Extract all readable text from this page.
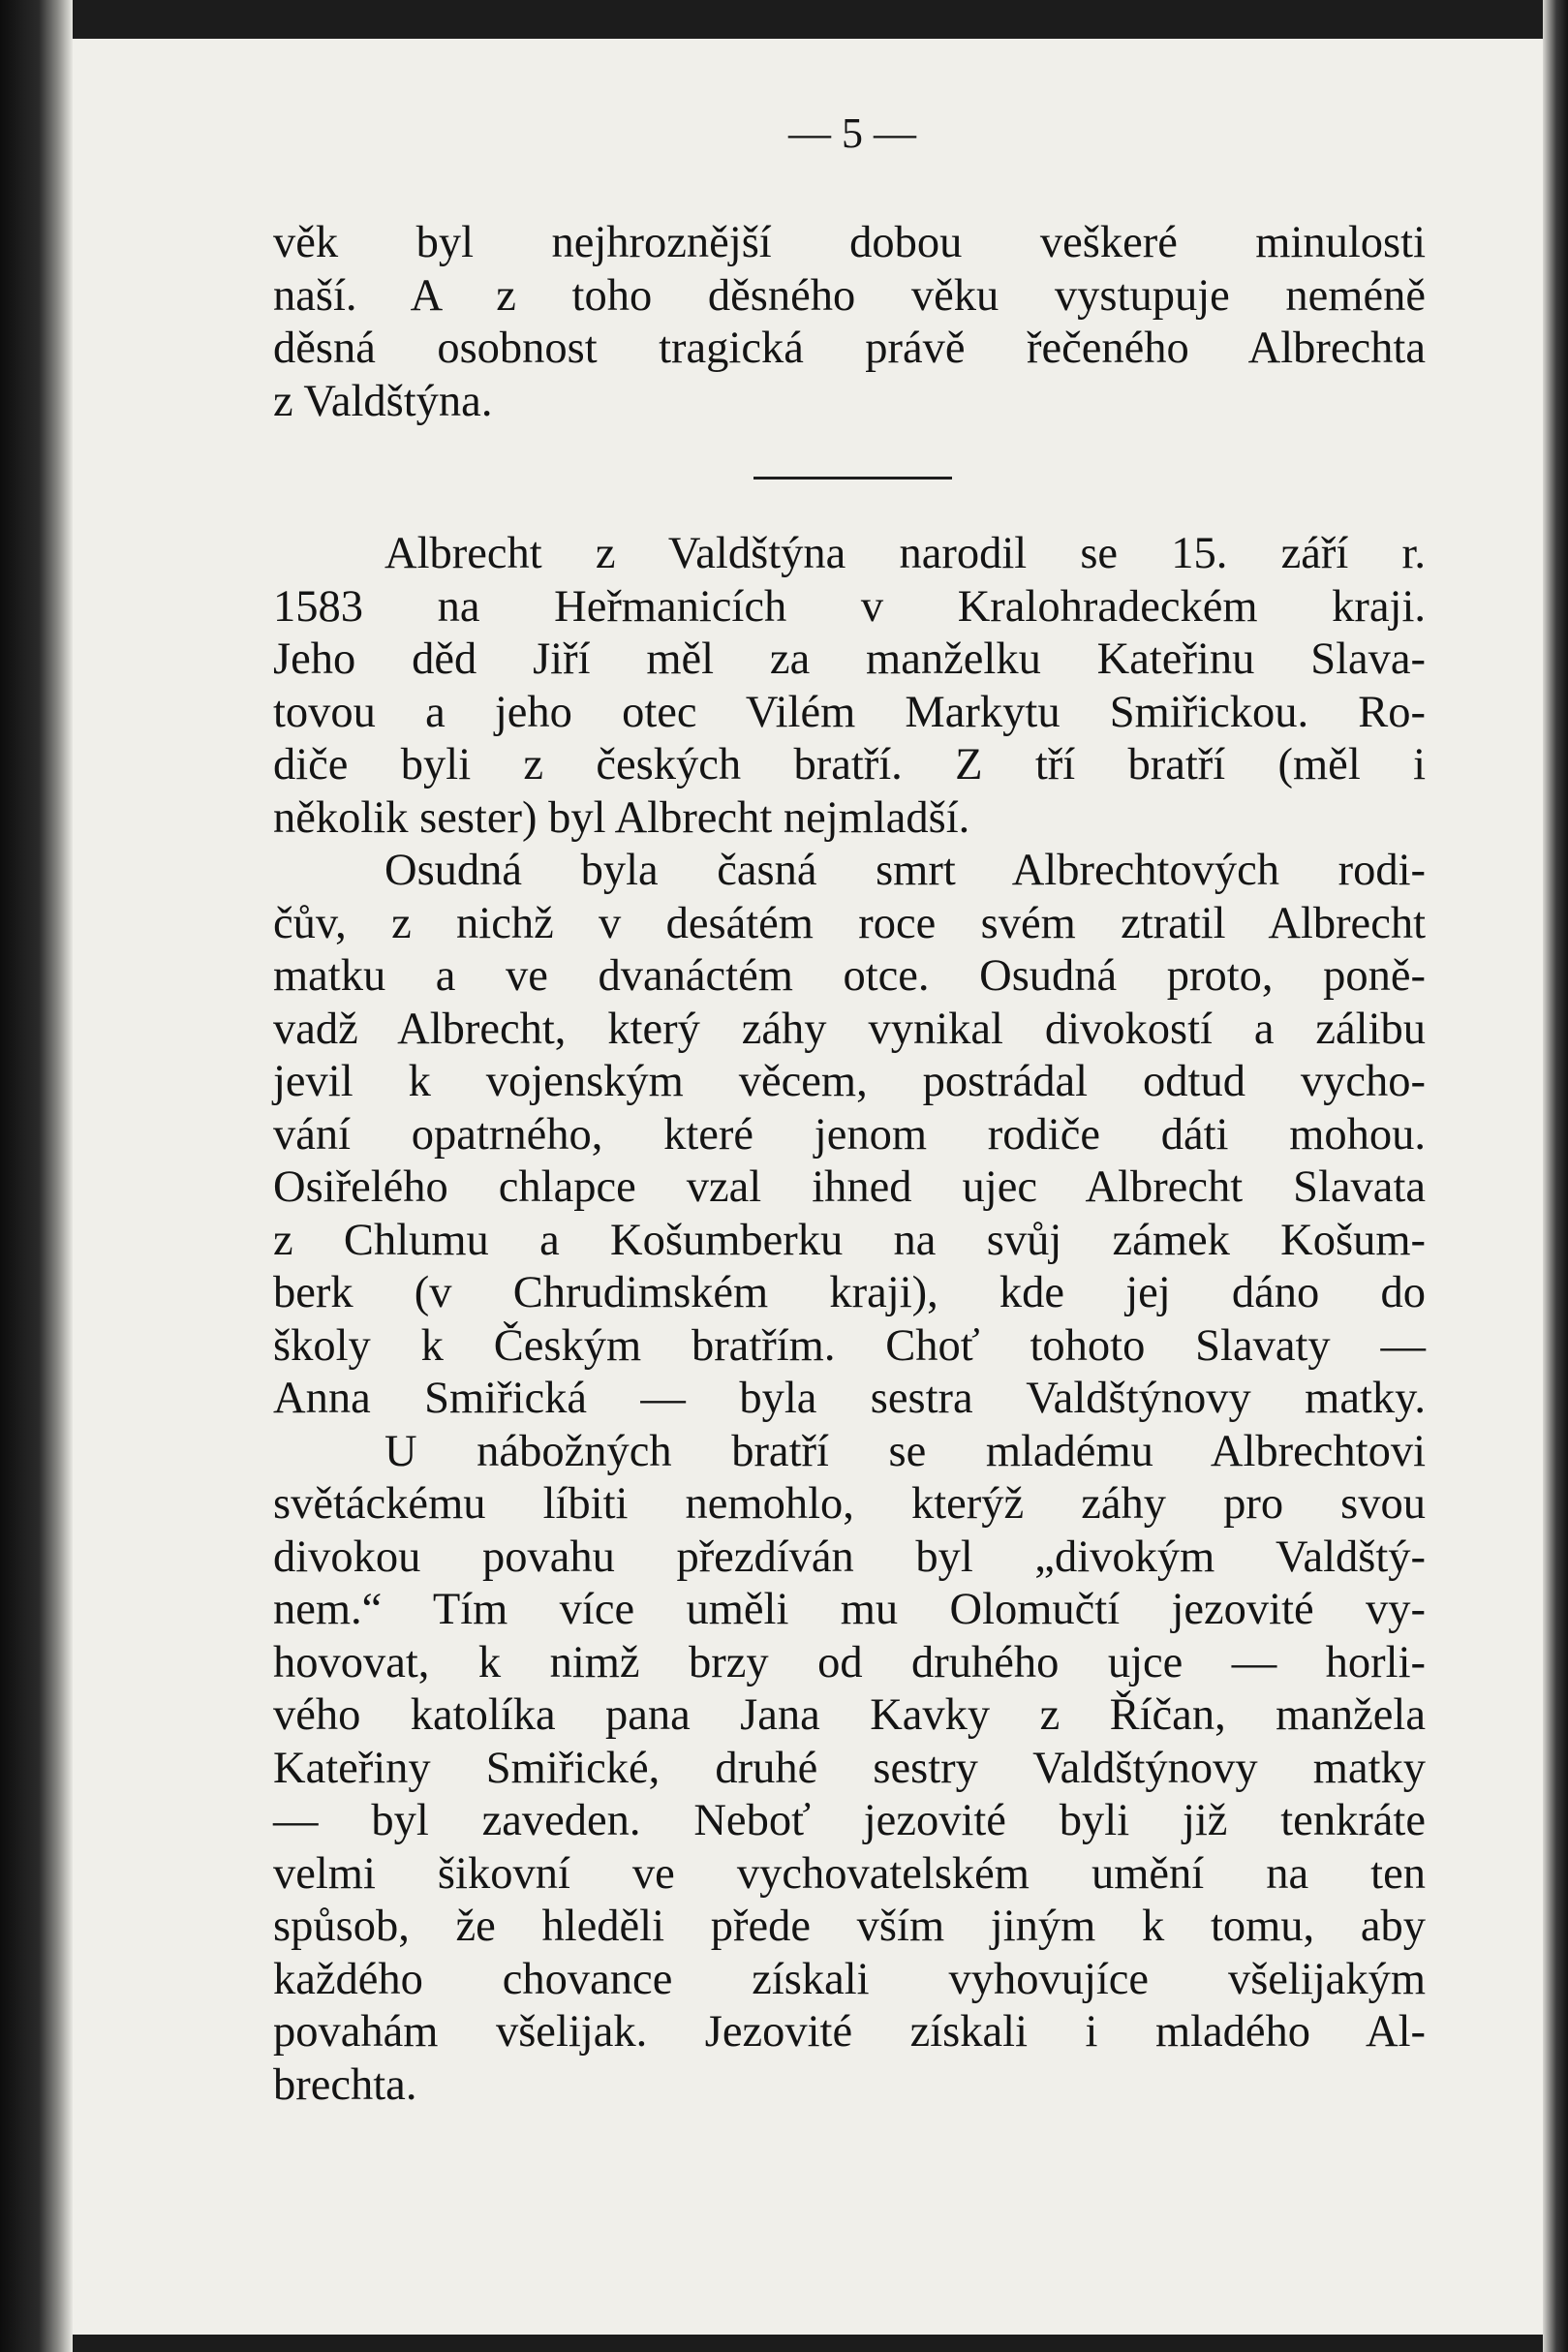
— 5 —
věk byl nejhroznější dobou veškeré minulosti
naší. A z toho děsného věku vystupuje neméně
děsná osobnost tragická právě řečeného Albrechta
z Valdštýna.
Albrecht z Valdštýna narodil se 15. září r.
1583 na Heřmanicích v Kralohradeckém kraji.
Jeho děd Jiří měl za manželku Kateřinu Slava-
tovou a jeho otec Vilém Markytu Smiřickou. Ro-
diče byli z českých bratří. Z tří bratří (měl i
několik sester) byl Albrecht nejmladší.
Osudná byla časná smrt Albrechtových rodi-
čův, z nichž v desátém roce svém ztratil Albrecht
matku a ve dvanáctém otce. Osudná proto, poně-
vadž Albrecht, který záhy vynikal divokostí a zálibu
jevil k vojenským věcem, postrádal odtud vycho-
vání opatrného, které jenom rodiče dáti mohou.
Osiřelého chlapce vzal ihned ujec Albrecht Slavata
z Chlumu a Košumberku na svůj zámek Košum-
berk (v Chrudimském kraji), kde jej dáno do
školy k Českým bratřím. Choť tohoto Slavaty —
Anna Smiřická — byla sestra Valdštýnovy matky.
U nábožných bratří se mladému Albrechtovi
světáckému líbiti nemohlo, kterýž záhy pro svou
divokou povahu přezdíván byl „divokým Valdštý-
nem.“ Tím více uměli mu Olomučtí jezovité vy-
hovovat, k nimž brzy od druhého ujce — horli-
vého katolíka pana Jana Kavky z Říčan, manžela
Kateřiny Smiřické, druhé sestry Valdštýnovy matky
— byl zaveden. Neboť jezovité byli již tenkráte
velmi šikovní ve vychovatelském umění na ten
spůsob, že hleděli přede vším jiným k tomu, aby
každého chovance získali vyhovujíce všelijakým
povahám všelijak. Jezovité získali i mladého Al-
brechta.
